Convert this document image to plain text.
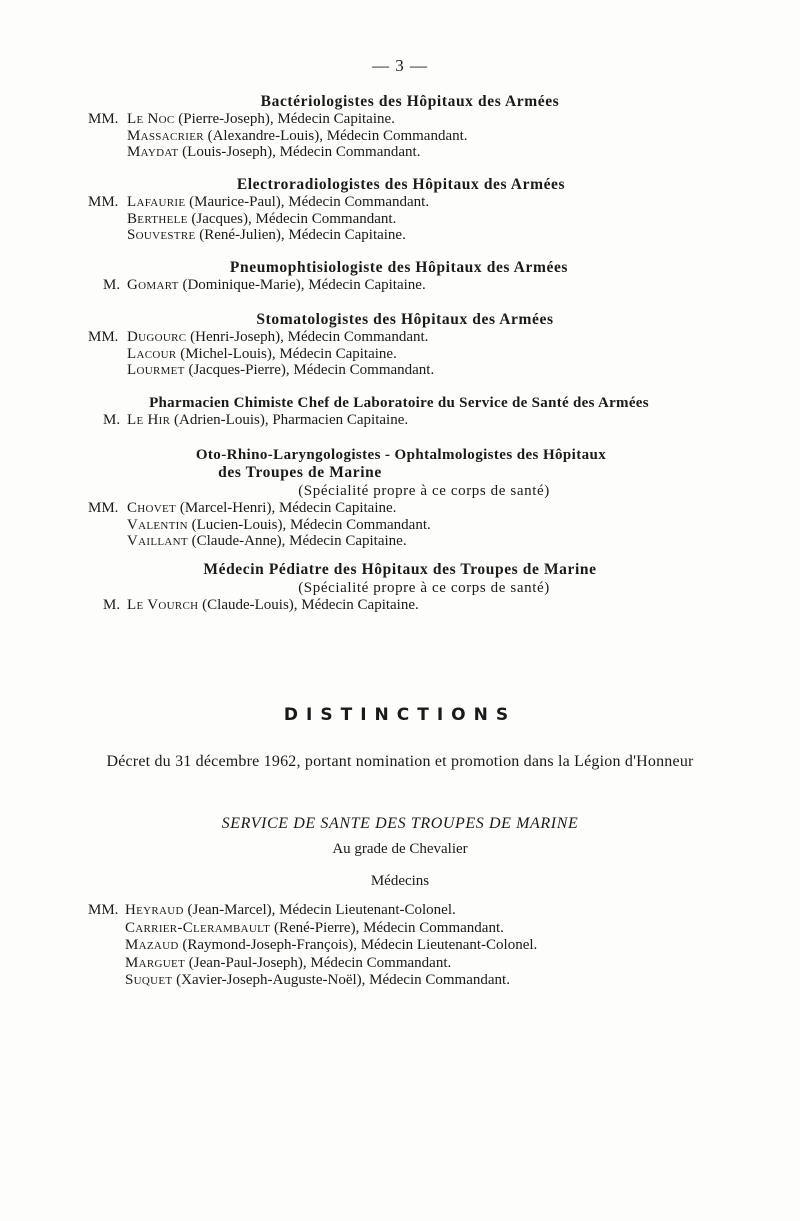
— 3 —
Bactériologistes des Hôpitaux des Armées
MM. Le Noc (Pierre-Joseph), Médecin Capitaine.
Massacrier (Alexandre-Louis), Médecin Commandant.
Maydat (Louis-Joseph), Médecin Commandant.
Electroradiologistes des Hôpitaux des Armées
MM. Lafaurie (Maurice-Paul), Médecin Commandant.
Berthele (Jacques), Médecin Commandant.
Souvestre (René-Julien), Médecin Capitaine.
Pneumophtisiologiste des Hôpitaux des Armées
M. Gomart (Dominique-Marie), Médecin Capitaine.
Stomatologistes des Hôpitaux des Armées
MM. Dugourc (Henri-Joseph), Médecin Commandant.
Lacour (Michel-Louis), Médecin Capitaine.
Lourmet (Jacques-Pierre), Médecin Commandant.
Pharmacien Chimiste Chef de Laboratoire du Service de Santé des Armées
M. Le Hir (Adrien-Louis), Pharmacien Capitaine.
Oto-Rhino-Laryngologistes - Ophtalmologistes des Hôpitaux
des Troupes de Marine
(Spécialité propre à ce corps de santé)
MM. Chovet (Marcel-Henri), Médecin Capitaine.
Valentin (Lucien-Louis), Médecin Commandant.
Vaillant (Claude-Anne), Médecin Capitaine.
Médecin Pédiatre des Hôpitaux des Troupes de Marine
(Spécialité propre à ce corps de santé)
M. Le Vourch (Claude-Louis), Médecin Capitaine.
DISTINCTIONS
Décret du 31 décembre 1962, portant nomination et promotion dans la Légion d'Honneur
SERVICE DE SANTE DES TROUPES DE MARINE
Au grade de Chevalier
Médecins
MM. Heyraud (Jean-Marcel), Médecin Lieutenant-Colonel.
Carrier-Clerambault (René-Pierre), Médecin Commandant.
Mazaud (Raymond-Joseph-François), Médecin Lieutenant-Colonel.
Marguet (Jean-Paul-Joseph), Médecin Commandant.
Suquet (Xavier-Joseph-Auguste-Noël), Médecin Commandant.
